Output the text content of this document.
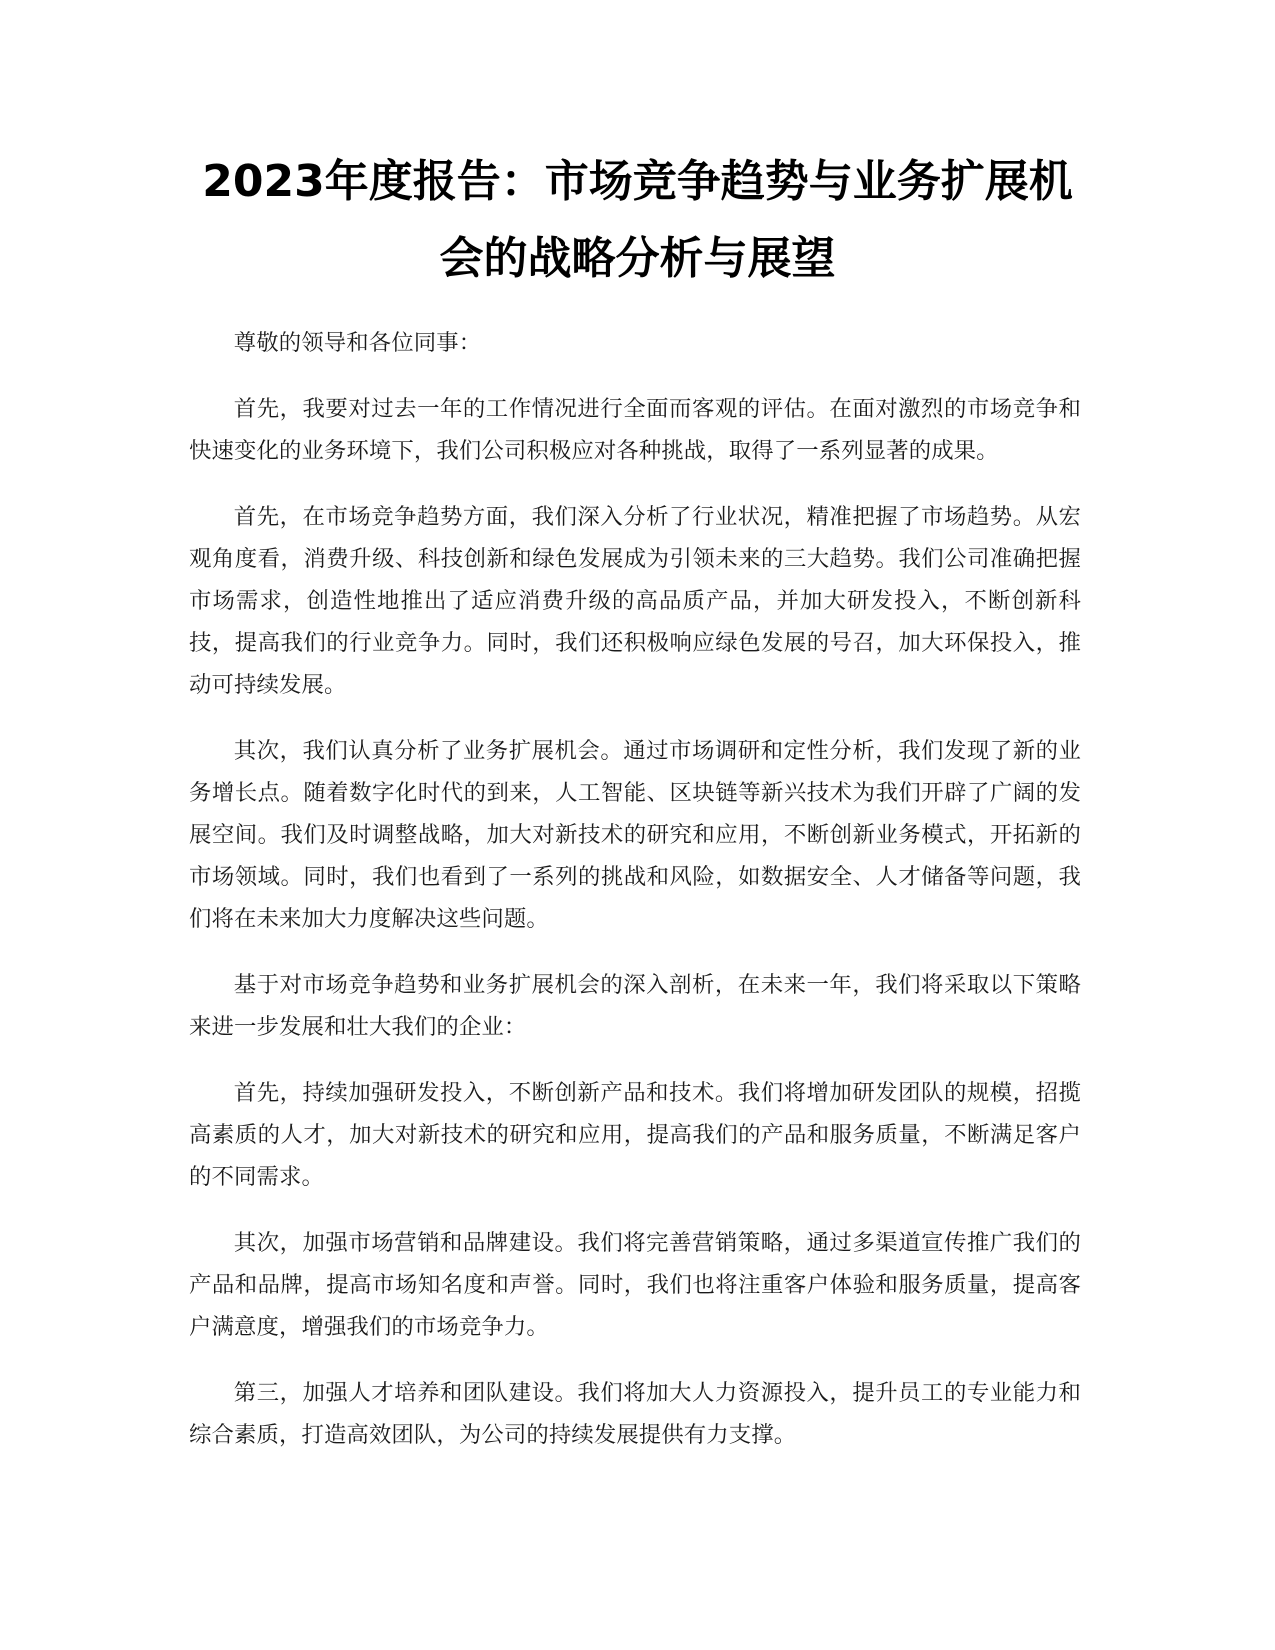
2023年度报告：市场竞争趋势与业务扩展机
会的战略分析与展望

尊敬的领导和各位同事：

首先，我要对过去一年的工作情况进行全面而客观的评估。在面对激烈的市场竞争和快速变化的业务环境下，我们公司积极应对各种挑战，取得了一系列显著的成果。

首先，在市场竞争趋势方面，我们深入分析了行业状况，精准把握了市场趋势。从宏观角度看，消费升级、科技创新和绿色发展成为引领未来的三大趋势。我们公司准确把握市场需求，创造性地推出了适应消费升级的高品质产品，并加大研发投入，不断创新科技，提高我们的行业竞争力。同时，我们还积极响应绿色发展的号召，加大环保投入，推动可持续发展。

其次，我们认真分析了业务扩展机会。通过市场调研和定性分析，我们发现了新的业务增长点。随着数字化时代的到来，人工智能、区块链等新兴技术为我们开辟了广阔的发展空间。我们及时调整战略，加大对新技术的研究和应用，不断创新业务模式，开拓新的市场领域。同时，我们也看到了一系列的挑战和风险，如数据安全、人才储备等问题，我们将在未来加大力度解决这些问题。

基于对市场竞争趋势和业务扩展机会的深入剖析，在未来一年，我们将采取以下策略来进一步发展和壮大我们的企业：

首先，持续加强研发投入，不断创新产品和技术。我们将增加研发团队的规模，招揽高素质的人才，加大对新技术的研究和应用，提高我们的产品和服务质量，不断满足客户的不同需求。

其次，加强市场营销和品牌建设。我们将完善营销策略，通过多渠道宣传推广我们的产品和品牌，提高市场知名度和声誉。同时，我们也将注重客户体验和服务质量，提高客户满意度，增强我们的市场竞争力。

第三，加强人才培养和团队建设。我们将加大人力资源投入，提升员工的专业能力和综合素质，打造高效团队，为公司的持续发展提供有力支撑。
